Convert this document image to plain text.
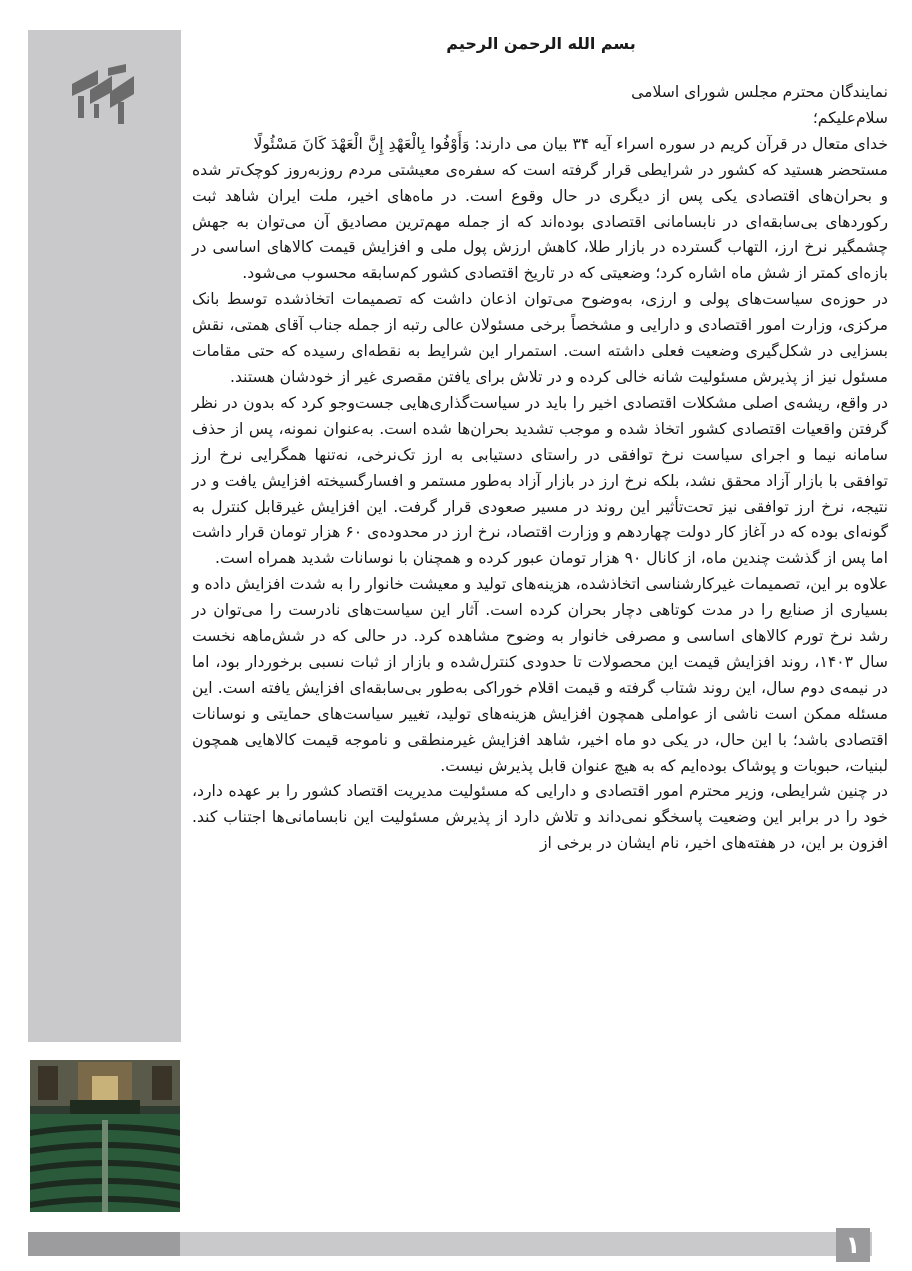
بسم الله الرحمن الرحیم

نمایندگان محترم مجلس شورای اسلامی

سلام‌علیکم؛

خدای متعال در قرآن کریم در سوره اسراء آیه ۳۴ بیان می دارند: وَأَوْفُوا بِالْعَهْدِ إِنَّ الْعَهْدَ کَانَ مَسْئُولًا

مستحضر هستید که کشور در شرایطی قرار گرفته است که سفره‌ی معیشتی مردم روزبه‌روز کوچک‌تر شده و بحران‌های اقتصادی یکی پس از دیگری در حال وقوع است. در ماه‌های اخیر، ملت ایران شاهد ثبت رکوردهای بی‌سابقه‌ای در نابسامانی اقتصادی بوده‌اند که از جمله مهم‌ترین مصادیق آن می‌توان به جهش چشمگیر نرخ ارز، التهاب گسترده در بازار طلا، کاهش ارزش پول ملی و افزایش قیمت کالاهای اساسی در بازه‌ای کمتر از شش ماه اشاره کرد؛ وضعیتی که در تاریخ اقتصادی کشور کم‌سابقه محسوب می‌شود.

در حوزه‌ی سیاست‌های پولی و ارزی، به‌وضوح می‌توان اذعان داشت که تصمیمات اتخاذشده توسط بانک مرکزی، وزارت امور اقتصادی و دارایی و مشخصاً برخی مسئولان عالی رتبه از جمله جناب آقای همتی، نقش بسزایی در شکل‌گیری وضعیت فعلی داشته است. استمرار این شرایط به نقطه‌ای رسیده که حتی مقامات مسئول نیز از پذیرش مسئولیت شانه خالی کرده و در تلاش برای یافتن مقصری غیر از خودشان هستند.

در واقع، ریشه‌ی اصلی مشکلات اقتصادی اخیر را باید در سیاست‌گذاری‌هایی جست‌وجو کرد که بدون در نظر گرفتن واقعیات اقتصادی کشور اتخاذ شده و موجب تشدید بحران‌ها شده است. به‌عنوان نمونه، پس از حذف سامانه نیما و اجرای سیاست نرخ توافقی در راستای دستیابی به ارز تک‌نرخی، نه‌تنها همگرایی نرخ ارز توافقی با بازار آزاد محقق نشد، بلکه نرخ ارز در بازار آزاد به‌طور مستمر و افسارگسیخته افزایش یافت و در نتیجه، نرخ ارز توافقی نیز تحت‌تأثیر این روند در مسیر صعودی قرار گرفت. این افزایش غیرقابل کنترل به گونه‌ای بوده که در آغاز کار دولت چهاردهم و وزارت اقتصاد، نرخ ارز در محدوده‌ی ۶۰ هزار تومان قرار داشت اما پس از گذشت چندین ماه، از کانال ۹۰ هزار تومان عبور کرده و همچنان با نوسانات شدید همراه است.

علاوه بر این، تصمیمات غیرکارشناسی اتخاذشده، هزینه‌های تولید و معیشت خانوار را به شدت افزایش داده و بسیاری از صنایع را در مدت کوتاهی دچار بحران کرده است. آثار این سیاست‌های نادرست را می‌توان در رشد نرخ تورم کالاهای اساسی و مصرفی خانوار به وضوح مشاهده کرد. در حالی که در شش‌ماهه نخست سال ۱۴۰۳، روند افزایش قیمت این محصولات تا حدودی کنترل‌شده و بازار از ثبات نسبی برخوردار بود، اما در نیمه‌ی دوم سال، این روند شتاب گرفته و قیمت اقلام خوراکی به‌طور بی‌سابقه‌ای افزایش یافته است. این مسئله ممکن است ناشی از عواملی همچون افزایش هزینه‌های تولید، تغییر سیاست‌های حمایتی و نوسانات اقتصادی باشد؛ با این حال، در یکی دو ماه اخیر، شاهد افزایش غیرمنطقی و ناموجه قیمت کالاهایی همچون لبنیات، حبوبات و پوشاک بوده‌ایم که به هیچ عنوان قابل پذیرش نیست.

در چنین شرایطی، وزیر محترم امور اقتصادی و دارایی که مسئولیت مدیریت اقتصاد کشور را بر عهده دارد، خود را در برابر این وضعیت پاسخگو نمی‌داند و تلاش دارد از پذیرش مسئولیت این نابسامانی‌ها اجتناب کند. افزون بر این، در هفته‌های اخیر، نام ایشان در برخی از

۱
